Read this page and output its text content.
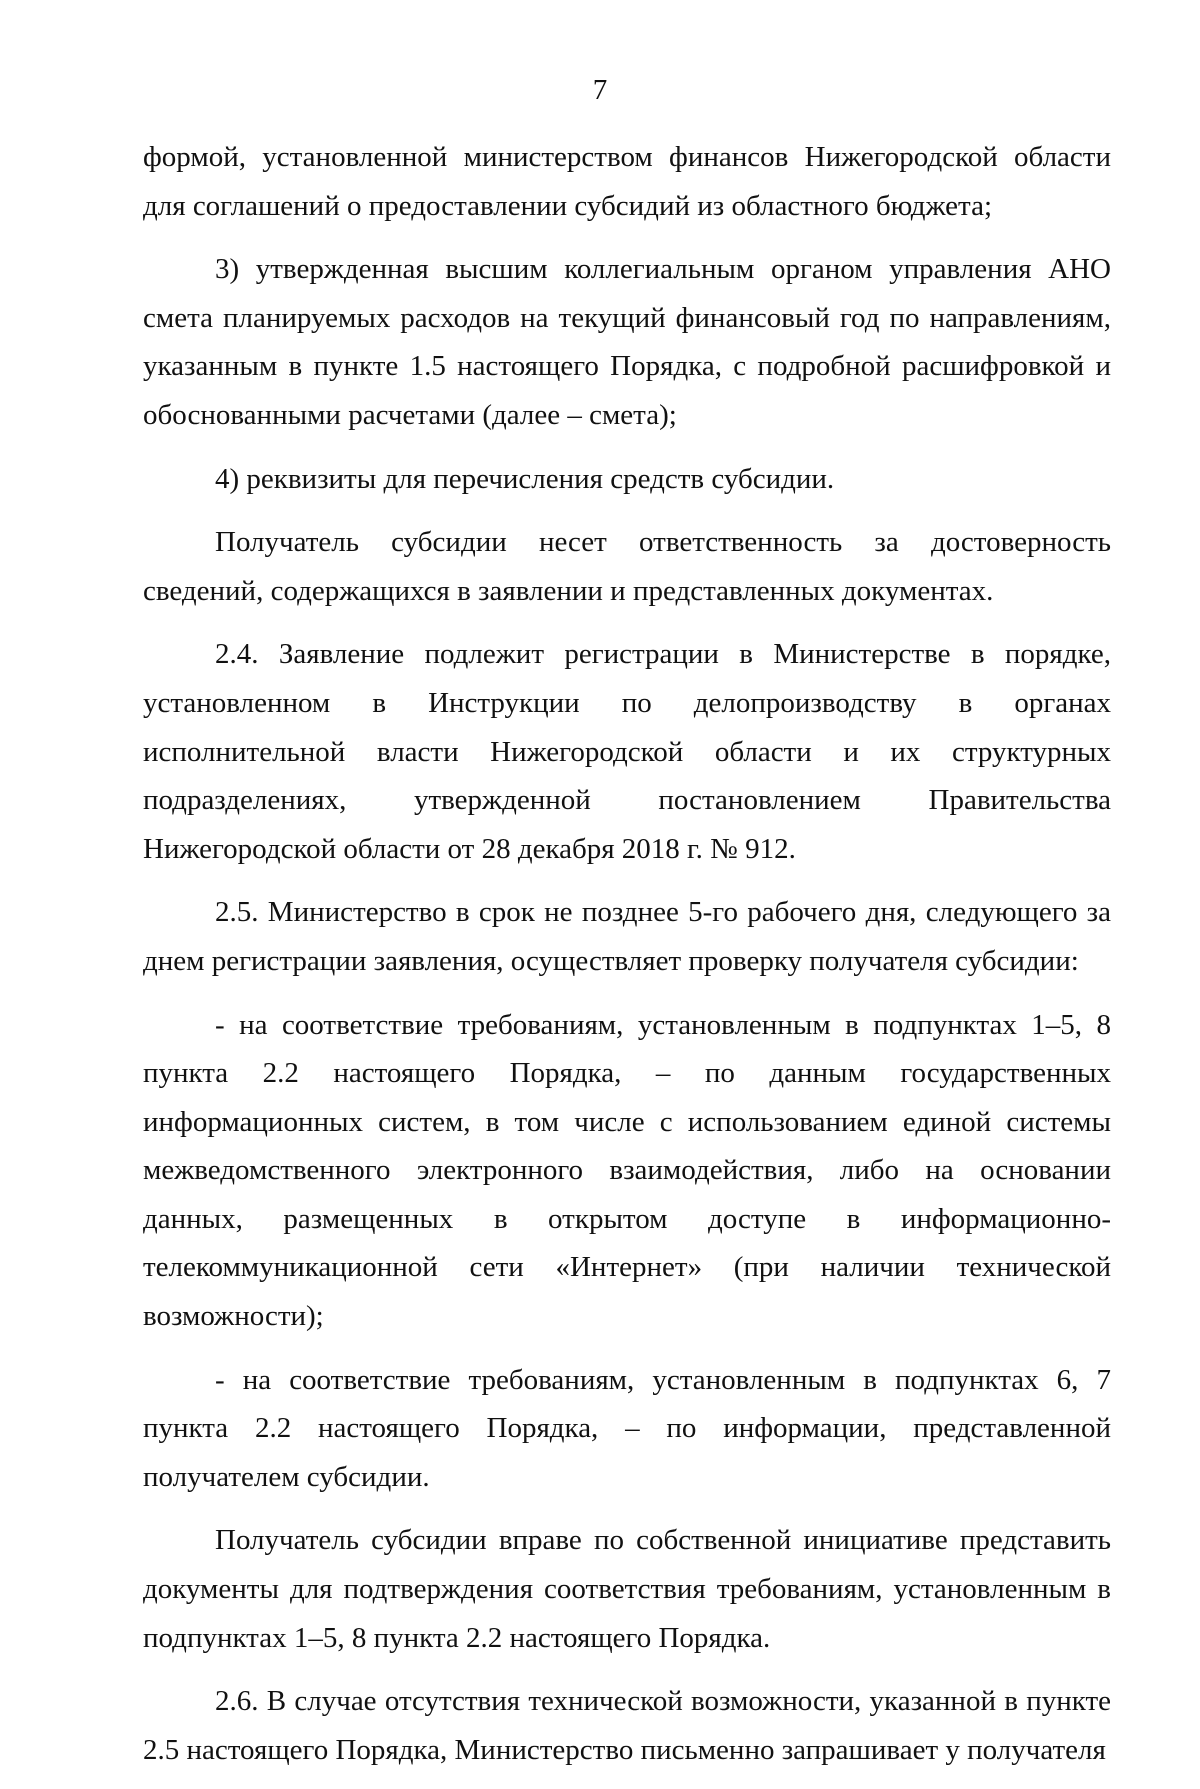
7

формой, установленной министерством финансов Нижегородской области для соглашений о предоставлении субсидий из областного бюджета;

3) утвержденная высшим коллегиальным органом управления АНО смета планируемых расходов на текущий финансовый год по направлениям, указанным в пункте 1.5 настоящего Порядка, с подробной расшифровкой и обоснованными расчетами (далее – смета);

4) реквизиты для перечисления средств субсидии.

Получатель субсидии несет ответственность за достоверность сведений, содержащихся в заявлении и представленных документах.

2.4. Заявление подлежит регистрации в Министерстве в порядке, установленном в Инструкции по делопроизводству в органах исполнительной власти Нижегородской области и их структурных подразделениях, утвержденной постановлением Правительства Нижегородской области от 28 декабря 2018 г. № 912.

2.5. Министерство в срок не позднее 5-го рабочего дня, следующего за днем регистрации заявления, осуществляет проверку получателя субсидии:

- на соответствие требованиям, установленным в подпунктах 1–5, 8 пункта 2.2 настоящего Порядка, – по данным государственных информационных систем, в том числе с использованием единой системы межведомственного электронного взаимодействия, либо на основании данных, размещенных в открытом доступе в информационно-телекоммуникационной сети «Интернет» (при наличии технической возможности);

- на соответствие требованиям, установленным в подпунктах 6, 7 пункта 2.2 настоящего Порядка, – по информации, представленной получателем субсидии.

Получатель субсидии вправе по собственной инициативе представить документы для подтверждения соответствия требованиям, установленным в подпунктах 1–5, 8 пункта 2.2 настоящего Порядка.

2.6. В случае отсутствия технической возможности, указанной в пункте 2.5 настоящего Порядка, Министерство письменно запрашивает у получателя
